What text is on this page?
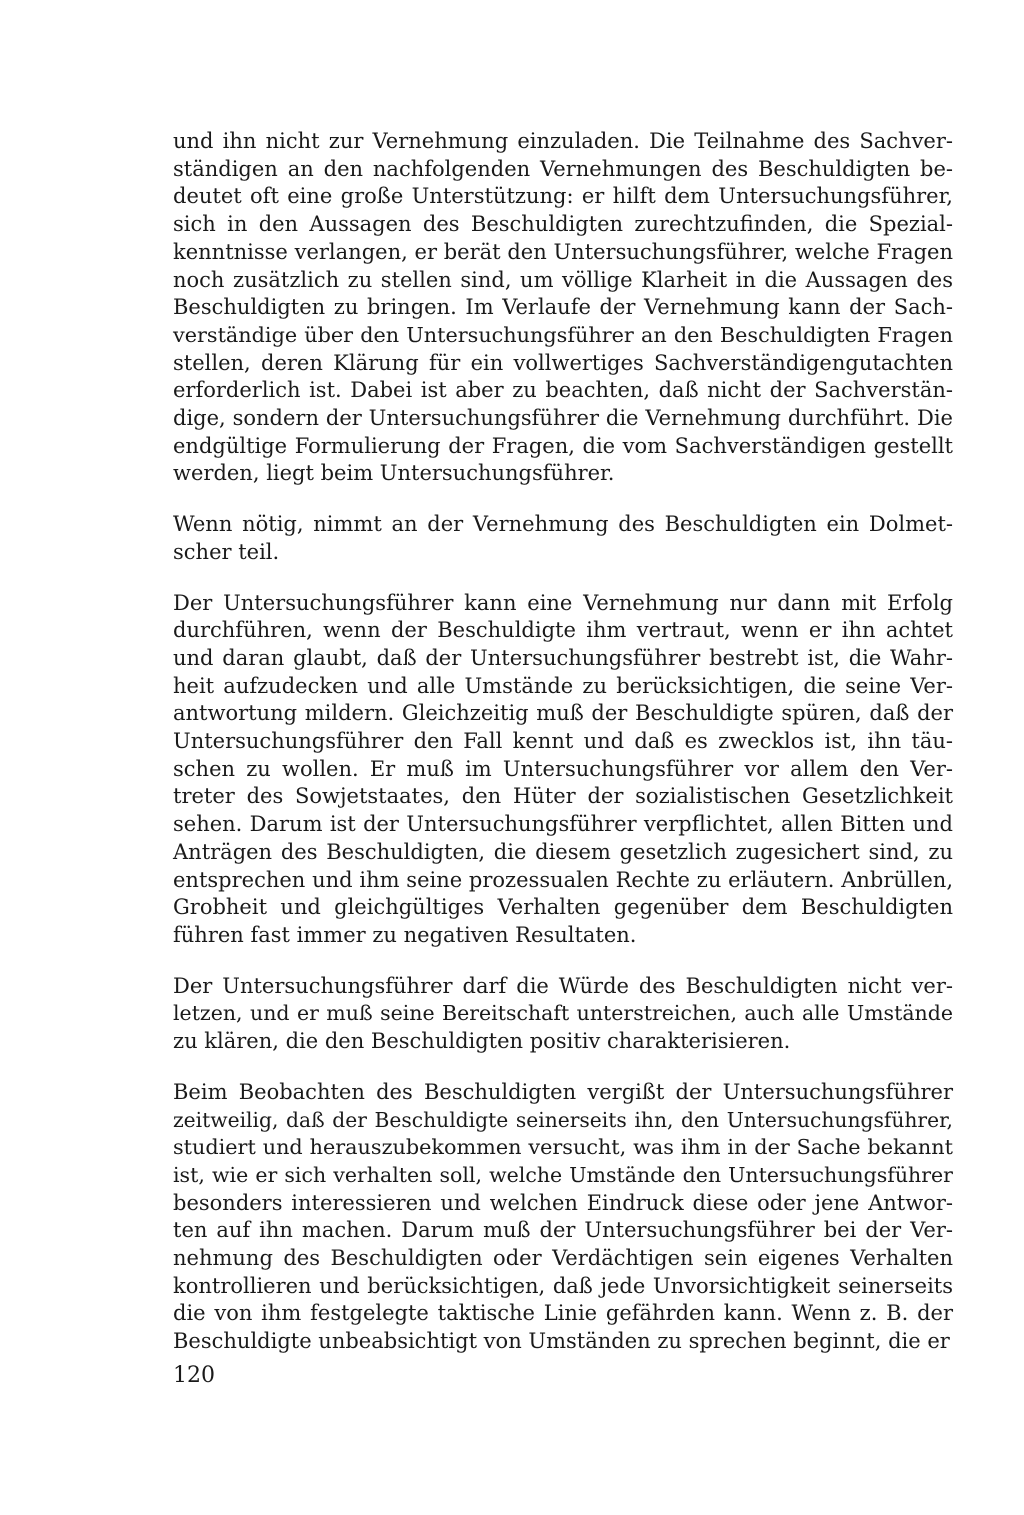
und ihn nicht zur Vernehmung einzuladen. Die Teilnahme des Sachver-
ständigen an den nachfolgenden Vernehmungen des Beschuldigten be-
deutet oft eine große Unterstützung: er hilft dem Untersuchungsführer,
sich in den Aussagen des Beschuldigten zurechtzufinden, die Spezial-
kenntnisse verlangen, er berät den Untersuchungsführer, welche Fragen
noch zusätzlich zu stellen sind, um völlige Klarheit in die Aussagen des
Beschuldigten zu bringen. Im Verlaufe der Vernehmung kann der Sach-
verständige über den Untersuchungsführer an den Beschuldigten Fragen
stellen, deren Klärung für ein vollwertiges Sachverständigengutachten
erforderlich ist. Dabei ist aber zu beachten, daß nicht der Sachverstän-
dige, sondern der Untersuchungsführer die Vernehmung durchführt. Die
endgültige Formulierung der Fragen, die vom Sachverständigen gestellt
werden, liegt beim Untersuchungsführer.

Wenn nötig, nimmt an der Vernehmung des Beschuldigten ein Dolmet-
scher teil.

Der Untersuchungsführer kann eine Vernehmung nur dann mit Erfolg
durchführen, wenn der Beschuldigte ihm vertraut, wenn er ihn achtet
und daran glaubt, daß der Untersuchungsführer bestrebt ist, die Wahr-
heit aufzudecken und alle Umstände zu berücksichtigen, die seine Ver-
antwortung mildern. Gleichzeitig muß der Beschuldigte spüren, daß der
Untersuchungsführer den Fall kennt und daß es zwecklos ist, ihn täu-
schen zu wollen. Er muß im Untersuchungsführer vor allem den Ver-
treter des Sowjetstaates, den Hüter der sozialistischen Gesetzlichkeit
sehen. Darum ist der Untersuchungsführer verpflichtet, allen Bitten und
Anträgen des Beschuldigten, die diesem gesetzlich zugesichert sind, zu
entsprechen und ihm seine prozessualen Rechte zu erläutern. Anbrüllen,
Grobheit und gleichgültiges Verhalten gegenüber dem Beschuldigten
führen fast immer zu negativen Resultaten.

Der Untersuchungsführer darf die Würde des Beschuldigten nicht ver-
letzen, und er muß seine Bereitschaft unterstreichen, auch alle Umstände
zu klären, die den Beschuldigten positiv charakterisieren.

Beim Beobachten des Beschuldigten vergißt der Untersuchungsführer
zeitweilig, daß der Beschuldigte seinerseits ihn, den Untersuchungsführer,
studiert und herauszubekommen versucht, was ihm in der Sache bekannt
ist, wie er sich verhalten soll, welche Umstände den Untersuchungsführer
besonders interessieren und welchen Eindruck diese oder jene Antwor-
ten auf ihn machen. Darum muß der Untersuchungsführer bei der Ver-
nehmung des Beschuldigten oder Verdächtigen sein eigenes Verhalten
kontrollieren und berücksichtigen, daß jede Unvorsichtigkeit seinerseits
die von ihm festgelegte taktische Linie gefährden kann. Wenn z. B. der
Beschuldigte unbeabsichtigt von Umständen zu sprechen beginnt, die er

120
